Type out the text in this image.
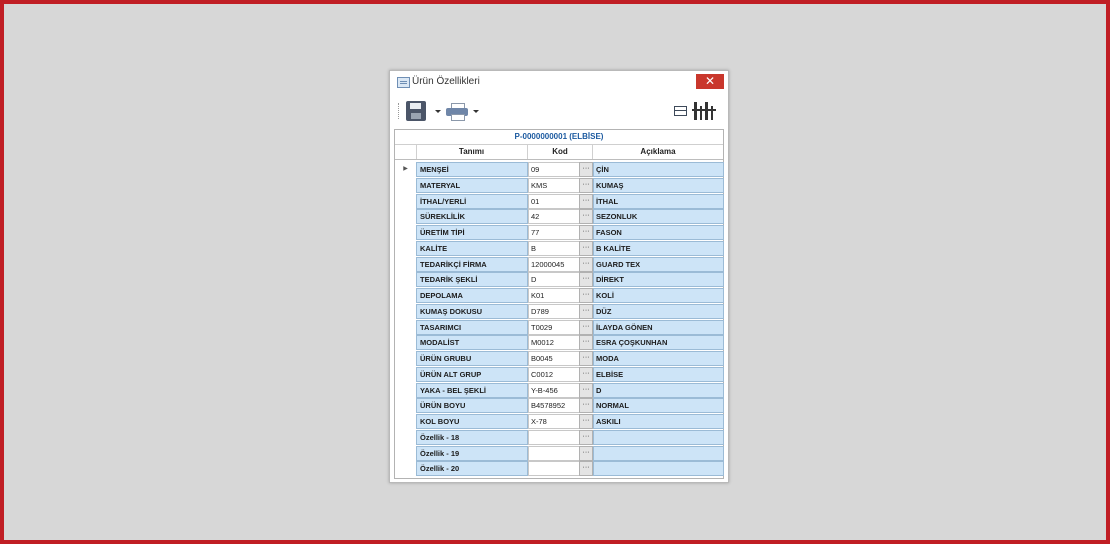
Ürün Özellikleri	✕
P-0000000001 (ELBİSE)
Tanımı	Kod	Açıklama
▶	MENŞEİ	09	··· ÇİN
MATERYAL	KMS	··· KUMAŞ
İTHAL/YERLİ	01	··· İTHAL
SÜREKLİLİK	42	··· SEZONLUK
ÜRETİM TİPİ	77	··· FASON
KALİTE	B	··· B KALİTE
TEDARİKÇİ FİRMA	12000045	··· GUARD TEX
TEDARİK ŞEKLİ	D	··· DİREKT
DEPOLAMA	K01	··· KOLİ
KUMAŞ DOKUSU	D789	··· DÜZ
TASARIMCI	T0029	··· İLAYDA GÖNEN
MODALİST	M0012	··· ESRA ÇOŞKUNHAN
ÜRÜN GRUBU	B0045	··· MODA
ÜRÜN ALT GRUP	C0012	··· ELBİSE
YAKA - BEL ŞEKLİ	Y-B-456	··· D
ÜRÜN BOYU	B4578952	··· NORMAL
KOL BOYU	X-78	··· ASKILI
Özellik - 18	···
Özellik - 19	···
Özellik - 20	···
